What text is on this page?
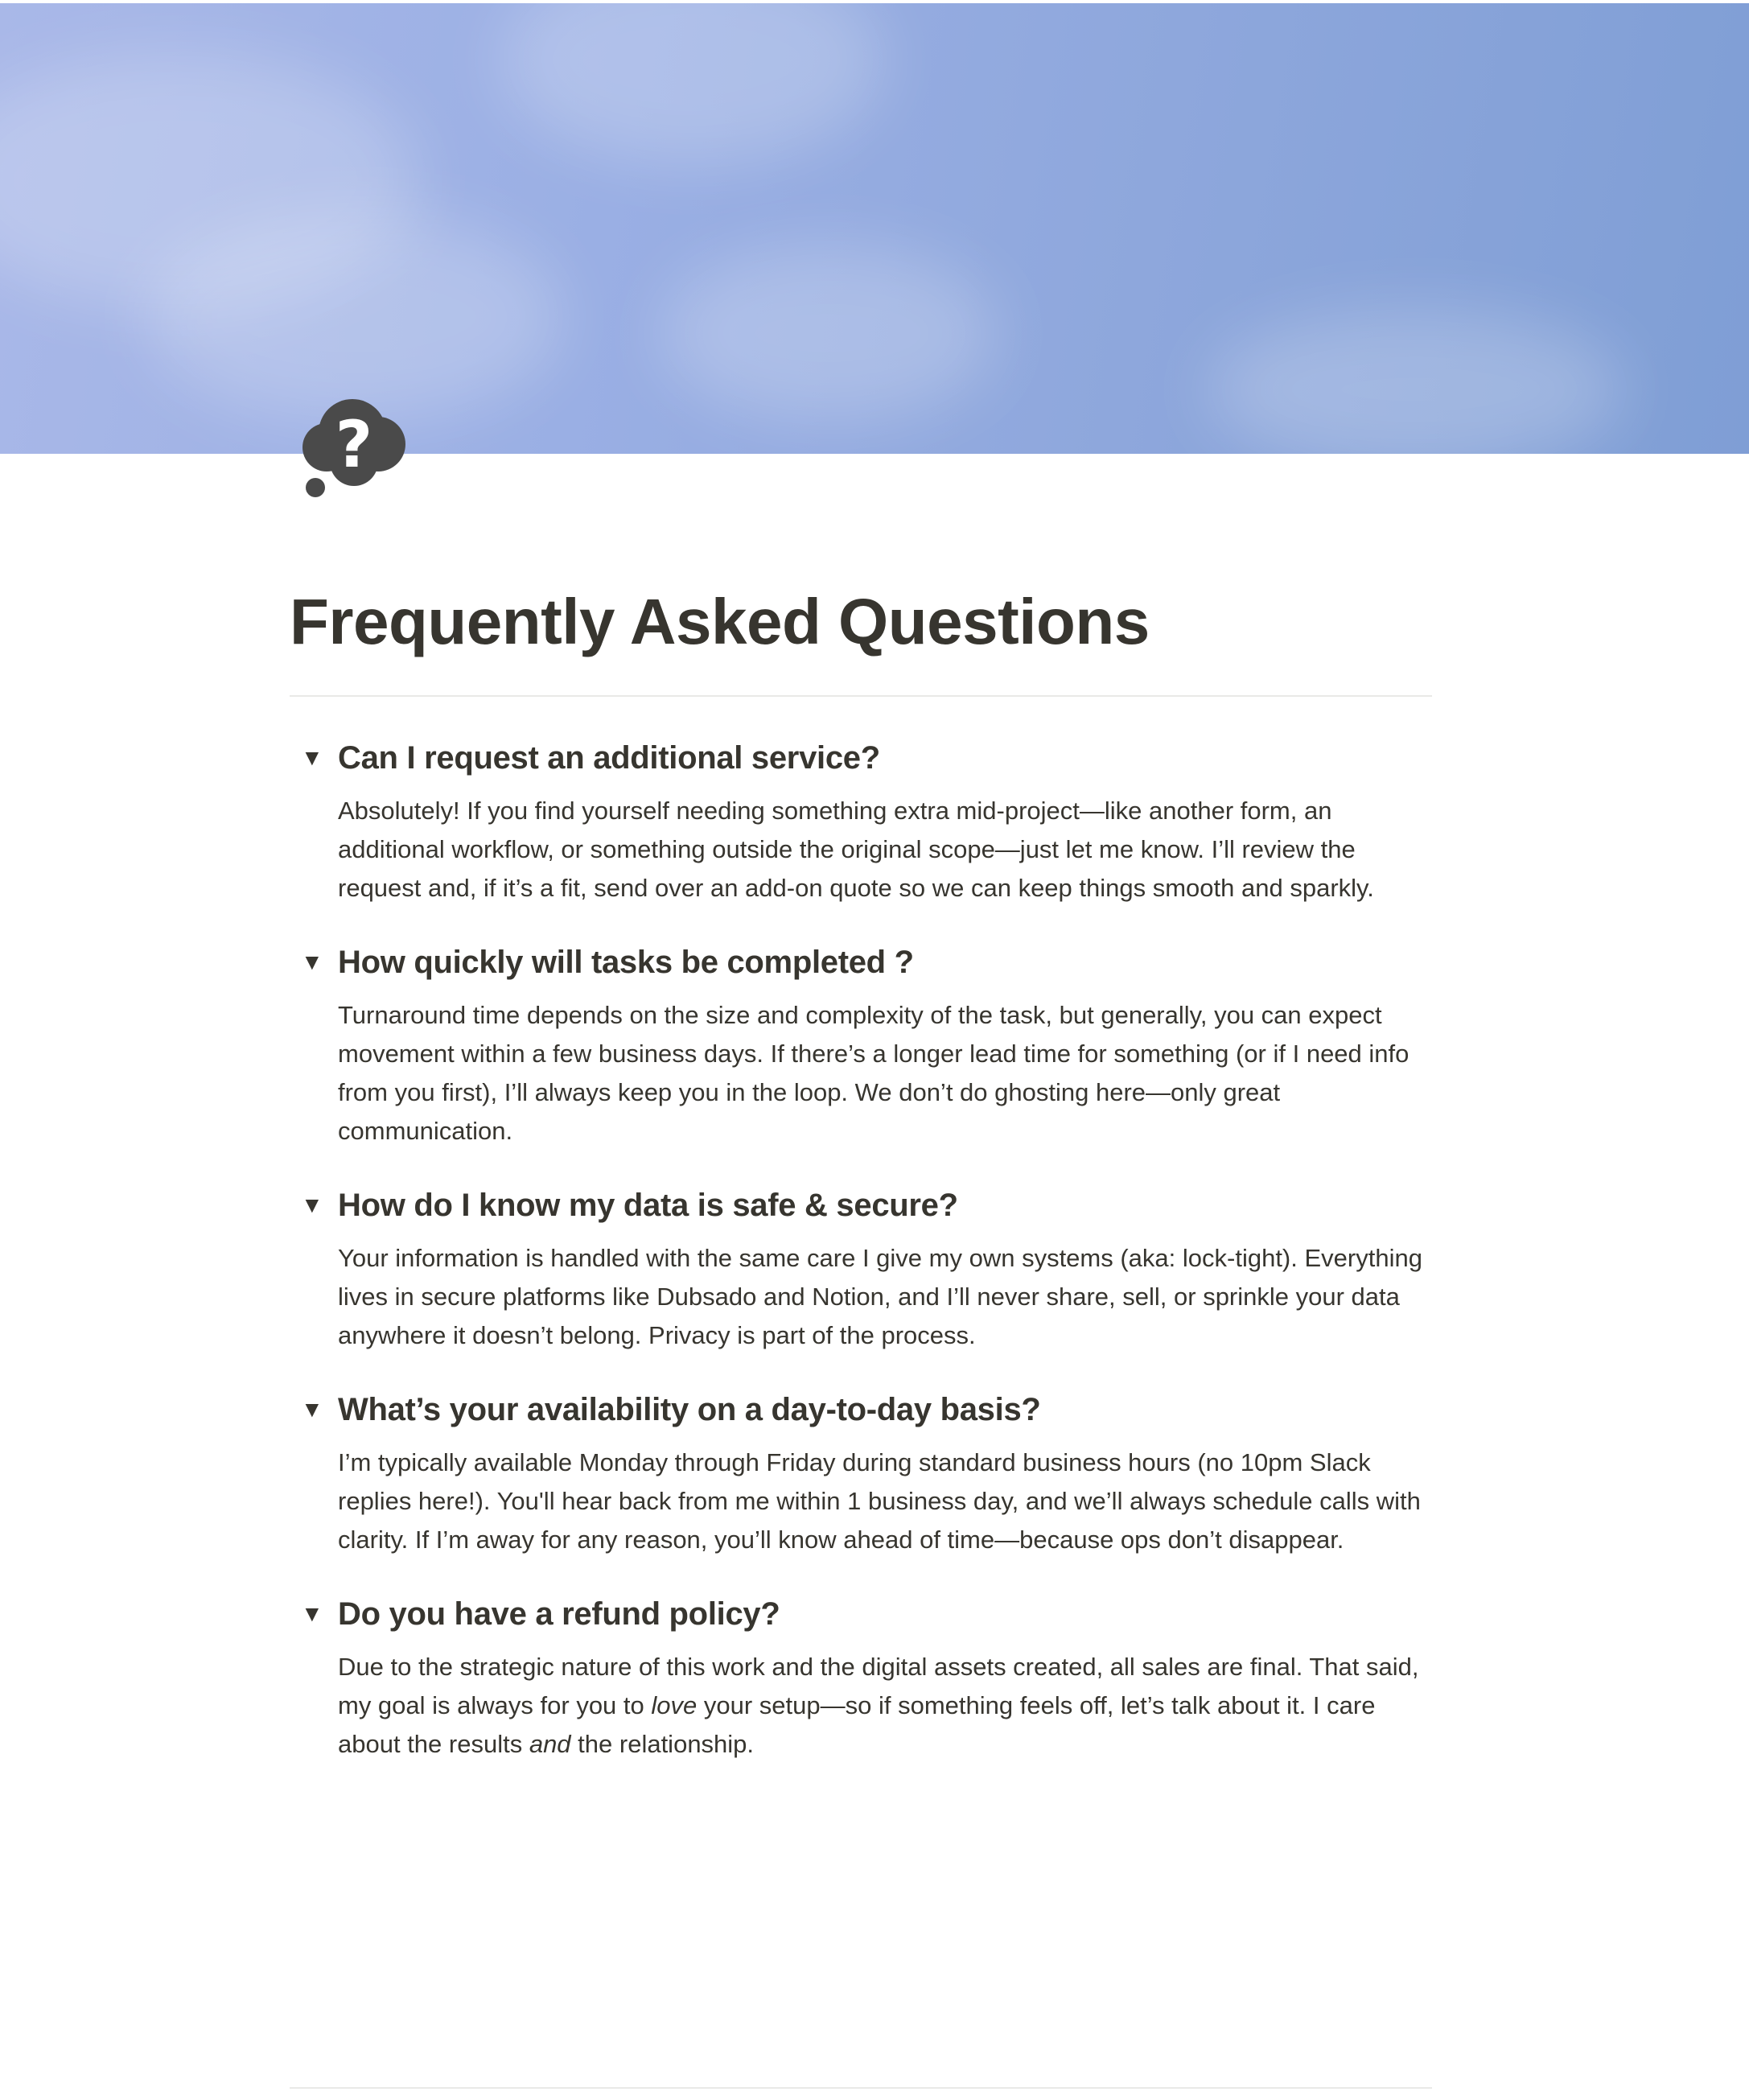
?
Frequently Asked Questions
▼ Can I request an additional service?
Absolutely! If you find yourself needing something extra mid-project—like another form, an additional workflow, or something outside the original scope—just let me know. I’ll review the request and, if it’s a fit, send over an add-on quote so we can keep things smooth and sparkly.
▼ How quickly will tasks be completed ?
Turnaround time depends on the size and complexity of the task, but generally, you can expect movement within a few business days. If there’s a longer lead time for something (or if I need info from you first), I’ll always keep you in the loop. We don’t do ghosting here—only great communication.
▼ How do I know my data is safe & secure?
Your information is handled with the same care I give my own systems (aka: lock-tight). Everything lives in secure platforms like Dubsado and Notion, and I’ll never share, sell, or sprinkle your data anywhere it doesn’t belong. Privacy is part of the process.
▼ What’s your availability on a day-to-day basis?
I’m typically available Monday through Friday during standard business hours (no 10pm Slack replies here!). You'll hear back from me within 1 business day, and we’ll always schedule calls with clarity. If I’m away for any reason, you’ll know ahead of time—because ops don’t disappear.
▼ Do you have a refund policy?
Due to the strategic nature of this work and the digital assets created, all sales are final. That said, my goal is always for you to love your setup—so if something feels off, let’s talk about it. I care about the results and the relationship.
